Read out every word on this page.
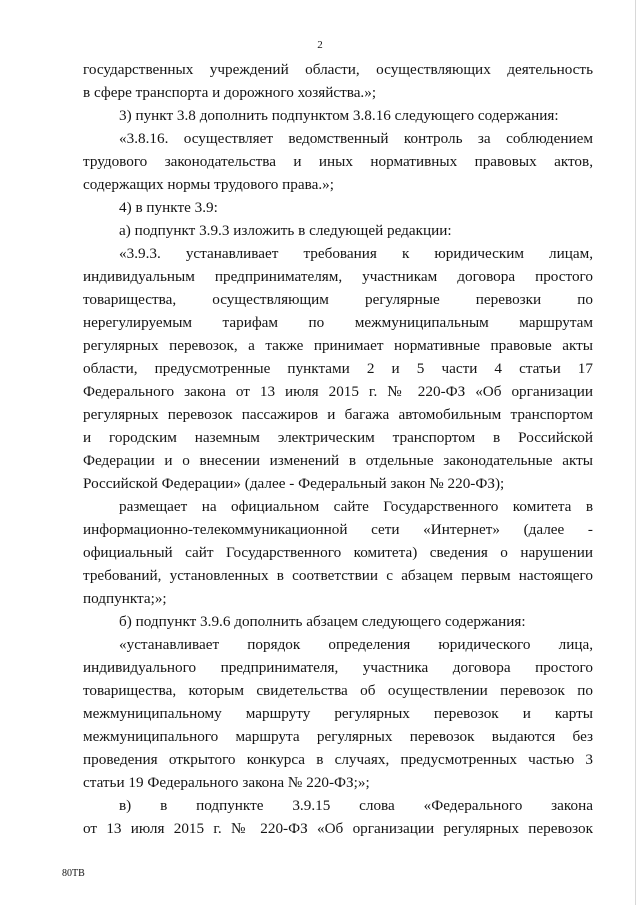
2
государственных учреждений области, осуществляющих деятельность
в сфере транспорта и дорожного хозяйства.»;
3) пункт 3.8 дополнить подпунктом 3.8.16 следующего содержания:
«3.8.16. осуществляет ведомственный контроль за соблюдением
трудового законодательства и иных нормативных правовых актов,
содержащих нормы трудового права.»;
4) в пункте 3.9:
а) подпункт 3.9.3 изложить в следующей редакции:
«3.9.3. устанавливает требования к юридическим лицам,
индивидуальным предпринимателям, участникам договора простого
товарищества, осуществляющим регулярные перевозки по
нерегулируемым тарифам по межмуниципальным маршрутам
регулярных перевозок, а также принимает нормативные правовые акты
области, предусмотренные пунктами 2 и 5 части 4 статьи 17
Федерального закона от 13 июля 2015 г. № 220-ФЗ «Об организации
регулярных перевозок пассажиров и багажа автомобильным транспортом
и городским наземным электрическим транспортом в Российской
Федерации и о внесении изменений в отдельные законодательные акты
Российской Федерации» (далее - Федеральный закон № 220-ФЗ);
размещает на официальном сайте Государственного комитета в
информационно-телекоммуникационной сети «Интернет» (далее -
официальный сайт Государственного комитета) сведения о нарушении
требований, установленных в соответствии с абзацем первым настоящего
подпункта;»;
б) подпункт 3.9.6 дополнить абзацем следующего содержания:
«устанавливает порядок определения юридического лица,
индивидуального предпринимателя, участника договора простого
товарищества, которым свидетельства об осуществлении перевозок по
межмуниципальному маршруту регулярных перевозок и карты
межмуниципального маршрута регулярных перевозок выдаются без
проведения открытого конкурса в случаях, предусмотренных частью 3
статьи 19 Федерального закона № 220-ФЗ;»;
в) в подпункте 3.9.15 слова «Федерального закона
от 13 июля 2015 г. № 220-ФЗ «Об организации регулярных перевозок
80ТВ
